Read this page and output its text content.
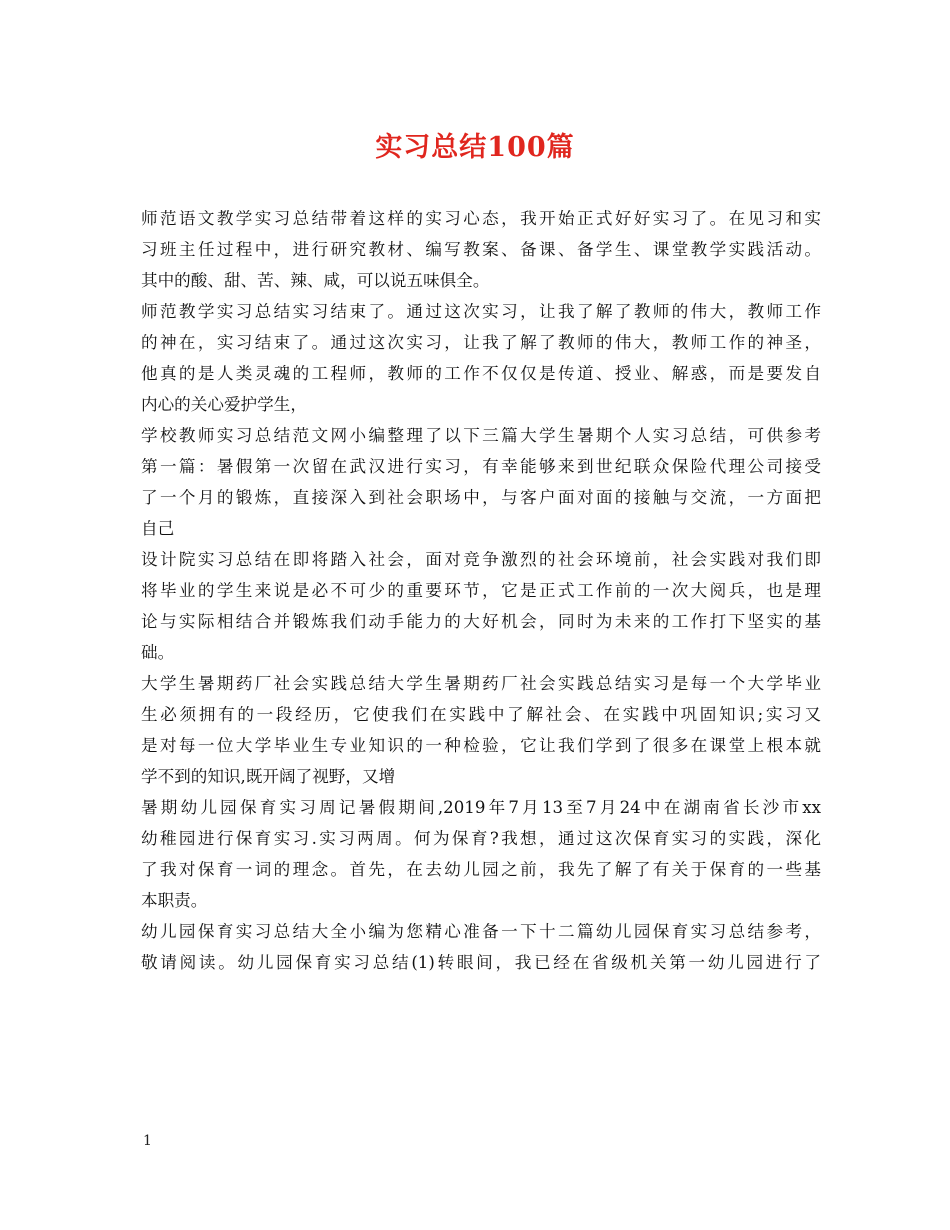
实习总结100篇
师范语文教学实习总结带着这样的实习心态，我开始正式好好实习了。在见习和实
习班主任过程中，进行研究教材、编写教案、备课、备学生、课堂教学实践活动。
其中的酸、甜、苦、辣、咸，可以说五味俱全。
师范教学实习总结实习结束了。通过这次实习，让我了解了教师的伟大，教师工作
的神在，实习结束了。通过这次实习，让我了解了教师的伟大，教师工作的神圣，
他真的是人类灵魂的工程师，教师的工作不仅仅是传道、授业、解惑，而是要发自
内心的关心爱护学生，
学校教师实习总结范文网小编整理了以下三篇大学生暑期个人实习总结，可供参考
第一篇：暑假第一次留在武汉进行实习，有幸能够来到世纪联众保险代理公司接受
了一个月的锻炼，直接深入到社会职场中，与客户面对面的接触与交流，一方面把
自己
设计院实习总结在即将踏入社会，面对竞争激烈的社会环境前，社会实践对我们即
将毕业的学生来说是必不可少的重要环节，它是正式工作前的一次大阅兵，也是理
论与实际相结合并锻炼我们动手能力的大好机会，同时为未来的工作打下坚实的基
础。
大学生暑期药厂社会实践总结大学生暑期药厂社会实践总结实习是每一个大学毕业
生必须拥有的一段经历，它使我们在实践中了解社会、在实践中巩固知识;实习又
是对每一位大学毕业生专业知识的一种检验，它让我们学到了很多在课堂上根本就
学不到的知识,既开阔了视野，又增
暑期幼儿园保育实习周记暑假期间,2019年7月13至7月24中在湖南省长沙市xx
幼稚园进行保育实习.实习两周。何为保育?我想，通过这次保育实习的实践，深化
了我对保育一词的理念。首先，在去幼儿园之前，我先了解了有关于保育的一些基
本职责。
幼儿园保育实习总结大全小编为您精心准备一下十二篇幼儿园保育实习总结参考，
敬请阅读。幼儿园保育实习总结(1)转眼间，我已经在省级机关第一幼儿园进行了
1
